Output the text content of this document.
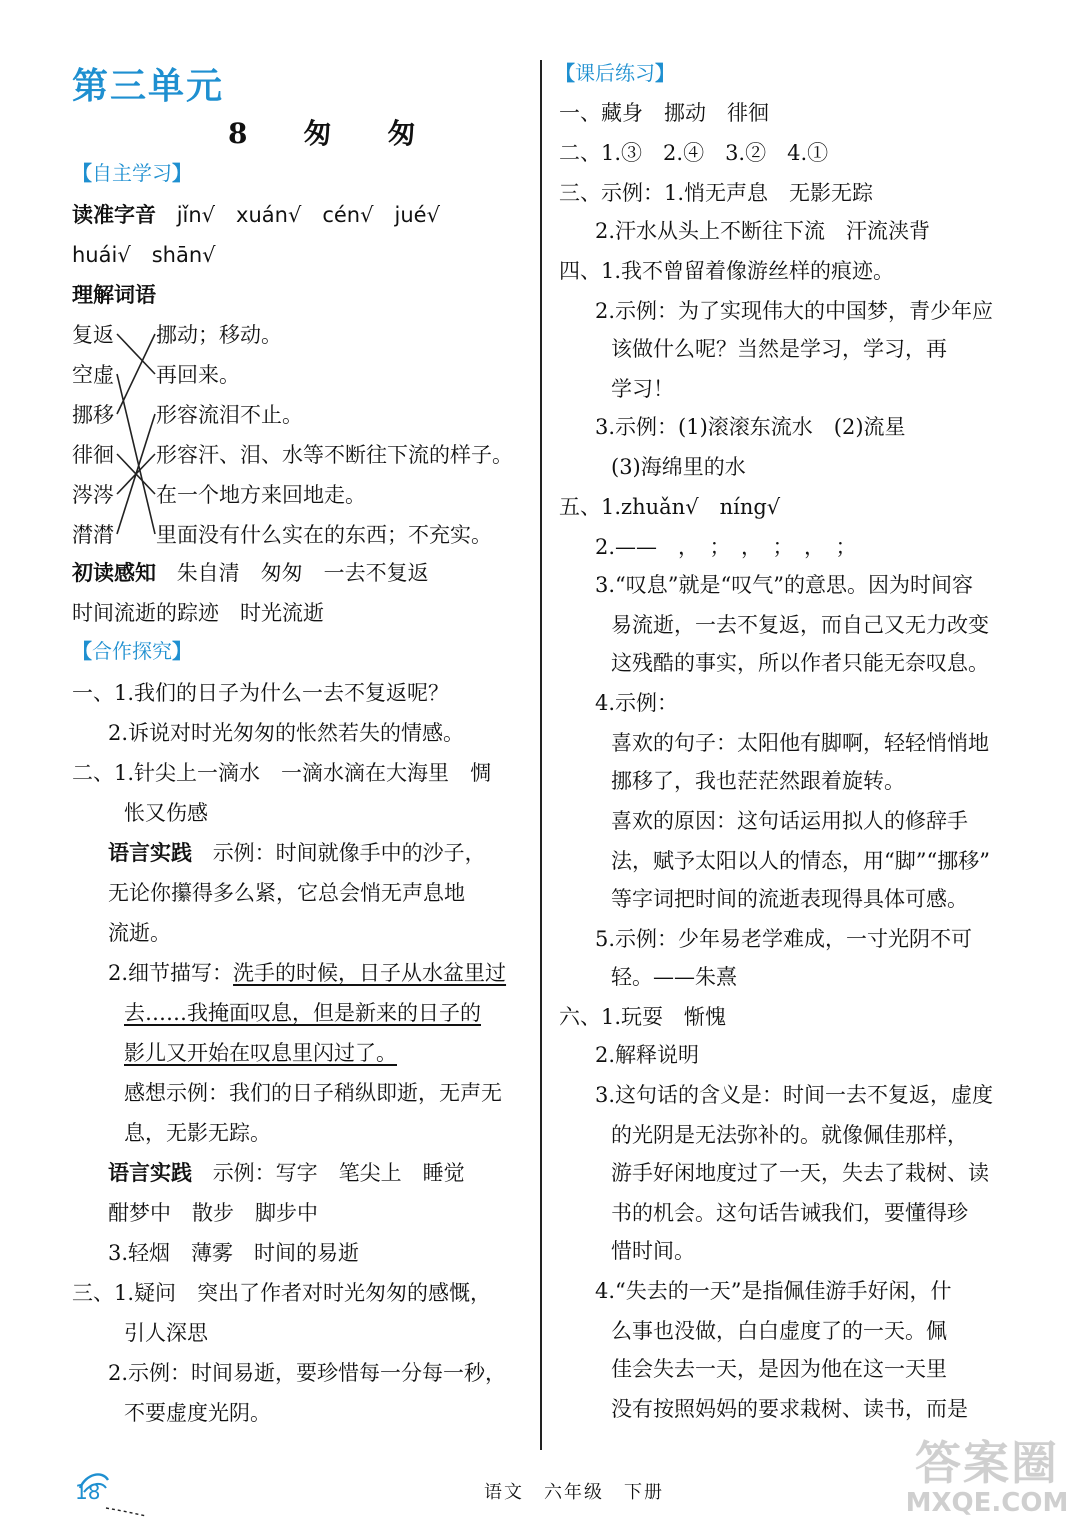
第三单元
8　匆　匆
【自主学习】
读准字音 jǐn√　xuán√　cén√　jué√
huái√　shān√
理解词语
复返
空虚
挪移
徘徊
涔涔
潸潸
挪动；移动。
再回来。
形容流泪不止。
形容汗、泪、水等不断往下流的样子。
在一个地方来回地走。
里面没有什么实在的东西；不充实。
初读感知 朱自清　匆匆　一去不复返
时间流逝的踪迹　时光流逝
【合作探究】
一、1.我们的日子为什么一去不复返呢？
2.诉说对时光匆匆的怅然若失的情感。
二、1.针尖上一滴水　一滴水滴在大海里　惆
怅又伤感
语言实践 示例：时间就像手中的沙子，
无论你攥得多么紧，它总会悄无声息地
流逝。
2.细节描写：洗手的时候，日子从水盆里过
去……我掩面叹息，但是新来的日子的
影儿又开始在叹息里闪过了。
感想示例：我们的日子稍纵即逝，无声无
息，无影无踪。
语言实践 示例：写字　笔尖上　睡觉
酣梦中　散步　脚步中
3.轻烟　薄雾　时间的易逝
三、1.疑问　突出了作者对时光匆匆的感慨，
引人深思
2.示例：时间易逝，要珍惜每一分每一秒，
不要虚度光阴。
【课后练习】
一、藏身　挪动　徘徊
二、1.③　2.④　3.②　4.①
三、示例：1.悄无声息　无影无踪
2.汗水从头上不断往下流　汗流浃背
四、1.我不曾留着像游丝样的痕迹。
2.示例：为了实现伟大的中国梦，青少年应
该做什么呢？当然是学习，学习，再
学习！
3.示例：(1)滚滚东流水　(2)流星
(3)海绵里的水
五、1.zhuǎn√　níng√
2.——　，　；　，　；　，　；
3.“叹息”就是“叹气”的意思。因为时间容
易流逝，一去不复返，而自己又无力改变
这残酷的事实，所以作者只能无奈叹息。
4.示例：
喜欢的句子：太阳他有脚啊，轻轻悄悄地
挪移了，我也茫茫然跟着旋转。
喜欢的原因：这句话运用拟人的修辞手
法，赋予太阳以人的情态，用“脚”“挪移”
等字词把时间的流逝表现得具体可感。
5.示例：少年易老学难成，一寸光阴不可
轻。——朱熹
六、1.玩耍　惭愧
2.解释说明
3.这句话的含义是：时间一去不复返，虚度
的光阴是无法弥补的。就像佩佳那样，
游手好闲地度过了一天，失去了栽树、读
书的机会。这句话告诫我们，要懂得珍
惜时间。
4.“失去的一天”是指佩佳游手好闲，什
么事也没做，白白虚度了的一天。佩
佳会失去一天，是因为他在这一天里
没有按照妈妈的要求栽树、读书，而是
18	语文　六年级　下册
答案圈
MXQE.COM
